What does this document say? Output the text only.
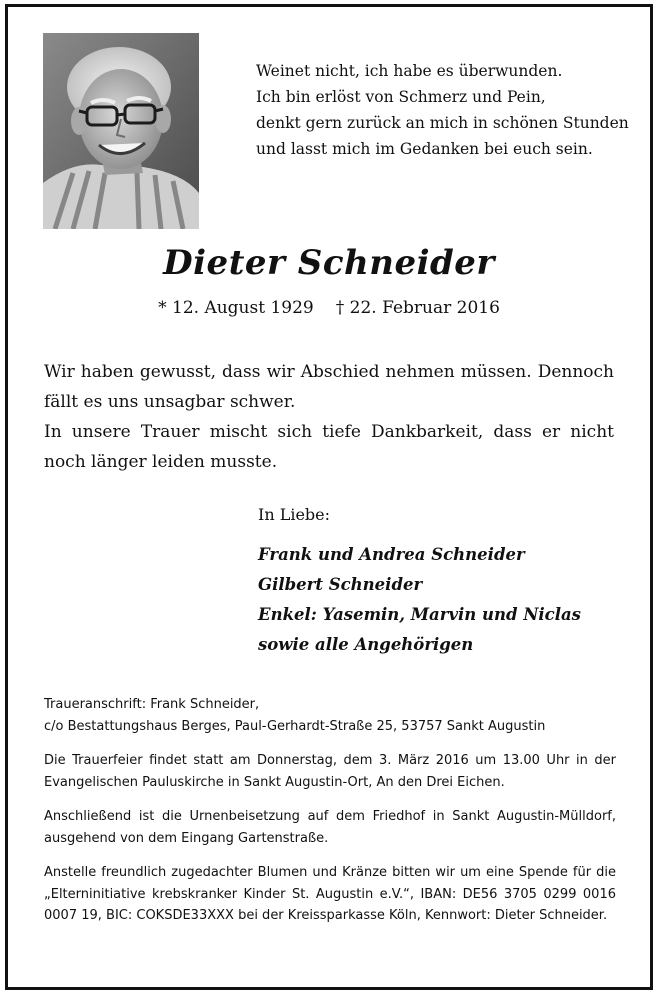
Weinet nicht, ich habe es überwunden.
Ich bin erlöst von Schmerz und Pein,
denkt gern zurück an mich in schönen Stunden
und lasst mich im Gedanken bei euch sein.
Dieter Schneider
* 12. August 1929 † 22. Februar 2016

Wir haben gewusst, dass wir Abschied nehmen müssen. Dennoch fällt es uns unsagbar schwer.

In unsere Trauer mischt sich tiefe Dankbarkeit, dass er nicht noch länger leiden musste.

In Liebe:
Frank und Andrea Schneider
Gilbert Schneider
Enkel: Yasemin, Marvin und Niclas
sowie alle Angehörigen

Traueranschrift: Frank Schneider,
c/o Bestattungshaus Berges, Paul-Gerhardt-Straße 25, 53757 Sankt Augustin

Die Trauerfeier findet statt am Donnerstag, dem 3. März 2016 um 13.00 Uhr in der Evangelischen Pauluskirche in Sankt Augustin-Ort, An den Drei Eichen.

Anschließend ist die Urnenbeisetzung auf dem Friedhof in Sankt Augustin-Mülldorf, ausgehend von dem Eingang Gartenstraße.

Anstelle freundlich zugedachter Blumen und Kränze bitten wir um eine Spende für die „Elterninitiative krebskranker Kinder St. Augustin e.V.“, IBAN: DE56 3705 0299 0016 0007 19, BIC: COKSDE33XXX bei der Kreissparkasse Köln, Kennwort: Dieter Schneider.
